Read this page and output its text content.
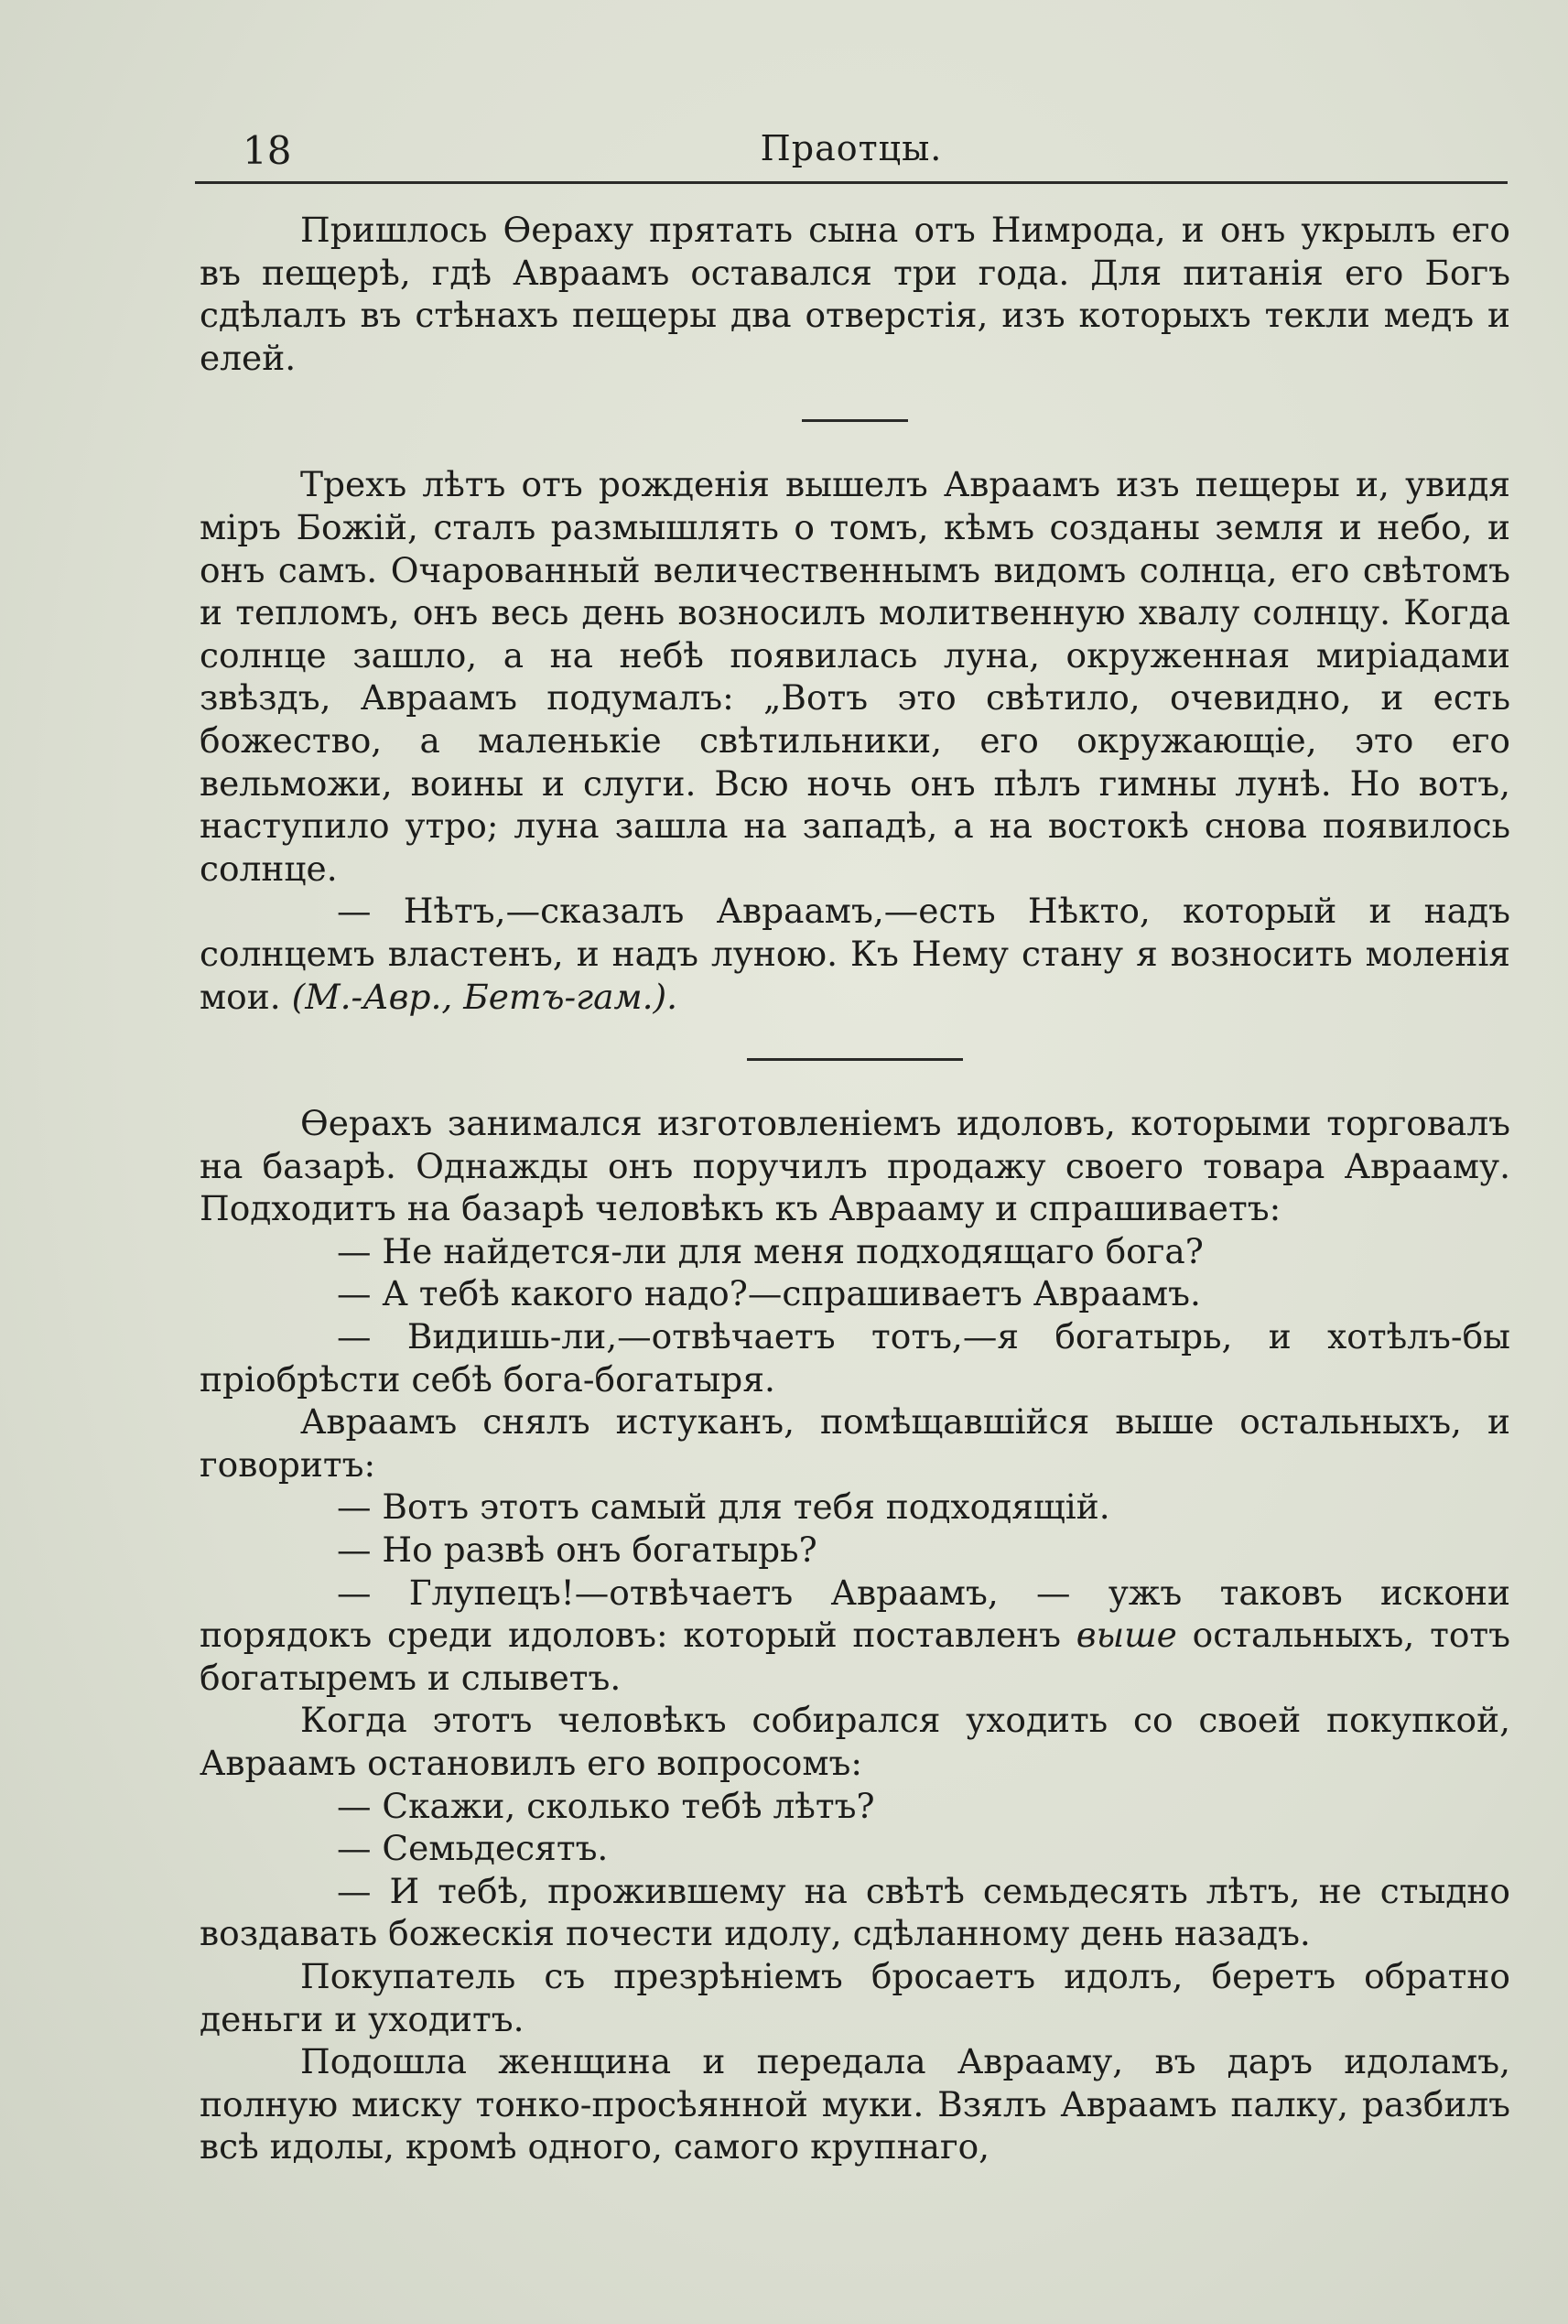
18	Праотцы.

Пришлось Ѳераху прятать сына отъ Нимрода, и онъ укрылъ его въ пещерѣ, гдѣ Авраамъ оставался три года. Для питанія его Богъ сдѣлалъ въ стѣнахъ пещеры два отверстія, изъ которыхъ текли медъ и елей.

Трехъ лѣтъ отъ рожденія вышелъ Авраамъ изъ пещеры и, увидя міръ Божій, сталъ размышлять о томъ, кѣмъ созданы земля и небо, и онъ самъ. Очарованный величественнымъ видомъ солнца, его свѣтомъ и тепломъ, онъ весь день возносилъ молитвенную хвалу солнцу. Когда солнце зашло, а на небѣ появилась луна, окруженная миріадами звѣздъ, Авраамъ подумалъ: „Вотъ это свѣтило, очевидно, и есть божество, а маленькіе свѣтильники, его окружающіе, это его вельможи, воины и слуги. Всю ночь онъ пѣлъ гимны лунѣ. Но вотъ, наступило утро; луна зашла на западѣ, а на востокѣ снова появилось солнце.

— Нѣтъ,—сказалъ Авраамъ,—есть Нѣкто, который и надъ солнцемъ властенъ, и надъ луною. Къ Нему стану я возносить моленія мои. (М.-Авр., Бетъ-гам.).

Ѳерахъ занимался изготовленіемъ идоловъ, которыми торговалъ на базарѣ. Однажды онъ поручилъ продажу своего товара Аврааму. Подходитъ на базарѣ человѣкъ къ Аврааму и спрашиваетъ:

— Не найдется-ли для меня подходящаго бога?

— А тебѣ какого надо?—спрашиваетъ Авраамъ.

— Видишь-ли,—отвѣчаетъ тотъ,—я богатырь, и хотѣлъ-бы пріобрѣсти себѣ бога-богатыря.

Авраамъ снялъ истуканъ, помѣщавшійся выше остальныхъ, и говоритъ:

— Вотъ этотъ самый для тебя подходящій.

— Но развѣ онъ богатырь?

— Глупецъ!—отвѣчаетъ Авраамъ, — ужъ таковъ искони порядокъ среди идоловъ: который поставленъ выше остальныхъ, тотъ богатыремъ и слыветъ.

Когда этотъ человѣкъ собирался уходить со своей покупкой, Авраамъ остановилъ его вопросомъ:

— Скажи, сколько тебѣ лѣтъ?

— Семьдесятъ.

— И тебѣ, прожившему на свѣтѣ семьдесять лѣтъ, не стыдно воздавать божескія почести идолу, сдѣланному день назадъ.

Покупатель съ презрѣніемъ бросаетъ идолъ, беретъ обратно деньги и уходитъ.

Подошла женщина и передала Аврааму, въ даръ идоламъ, полную миску тонко-просѣянной муки. Взялъ Авраамъ палку, разбилъ всѣ идолы, кромѣ одного, самого крупнаго,
